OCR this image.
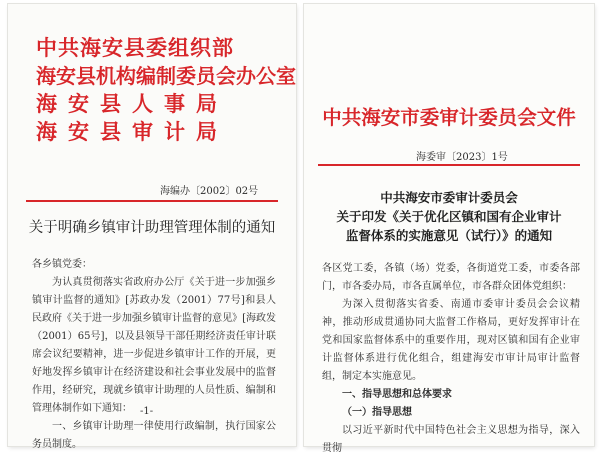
中共海安县委组织部
海安县机构编制委员会办公室
海安县人事局
海安县审计局
海编办〔2002〕02号
关于明确乡镇审计助理管理体制的通知

各乡镇党委：

为认真贯彻落实省政府办公厅《关于进一步加强乡镇审计监督的通知》[苏政办发（2001）77号]和县人民政府《关于进一步加强乡镇审计监督的意见》[海政发（2001）65号]，以及县领导干部任期经济责任审计联席会议纪要精神，进一步促进乡镇审计工作的开展，更好地发挥乡镇审计在经济建设和社会事业发展中的监督作用，经研究，现就乡镇审计助理的人员性质、编制和管理体制作如下通知：

一、乡镇审计助理一律使用行政编制，执行国家公务员制度。

-1-
中共海安市委审计委员会文件
海委审〔2023〕1号
中共海安市委审计委员会
关于印发《关于优化区镇和国有企业审计
监督体系的实施意见（试行）》的通知

各区党工委，各镇（场）党委，各街道党工委，市委各部门，市各委办局，市各直属单位，市各群众团体党组织：

为深入贯彻落实省委、南通市委审计委员会会议精神，推动形成贯通协同大监督工作格局，更好发挥审计在党和国家监督体系中的重要作用，现对区镇和国有企业审计监督体系进行优化组合，组建海安市审计局审计监督组，制定本实施意见。

一、指导思想和总体要求

（一）指导思想

以习近平新时代中国特色社会主义思想为指导，深入贯彻
